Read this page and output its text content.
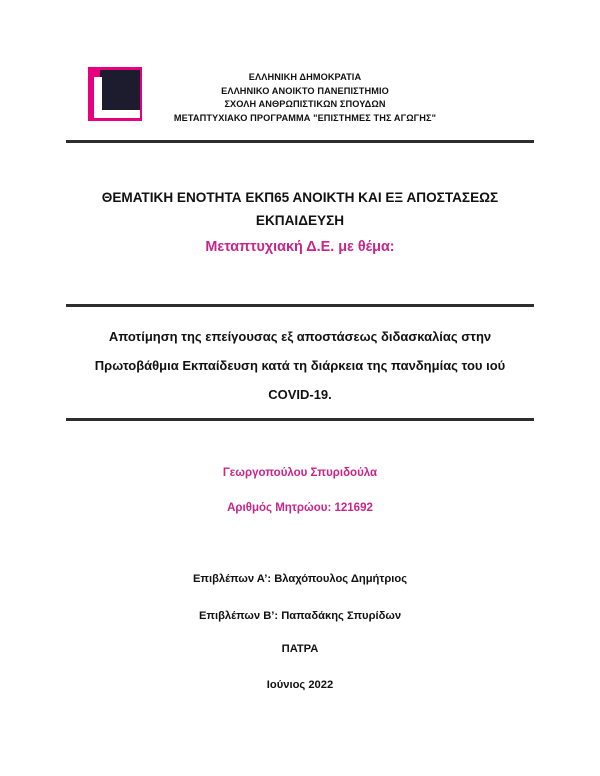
ΕΛΛΗΝΙΚΗ ΔΗΜΟΚΡΑΤΙΑ
ΕΛΛΗΝΙΚΟ ΑΝΟΙΚΤΟ ΠΑΝΕΠΙΣΤΗΜΙΟ
ΣΧΟΛΗ ΑΝΘΡΩΠΙΣΤΙΚΩΝ ΣΠΟΥΔΩΝ
ΜΕΤΑΠΤΥΧΙΑΚΟ ΠΡΟΓΡΑΜΜΑ "ΕΠΙΣΤΗΜΕΣ ΤΗΣ ΑΓΩΓΗΣ"
ΘΕΜΑΤΙΚΗ ΕΝΟΤΗΤΑ ΕΚΠ65 ΑΝΟΙΚΤΗ ΚΑΙ ΕΞ ΑΠΟΣΤΑΣΕΩΣ
ΕΚΠΑΙΔΕΥΣΗ
Μεταπτυχιακή Δ.Ε. με θέμα:
Αποτίμηση της επείγουσας εξ αποστάσεως διδασκαλίας στην
Πρωτοβάθμια Εκπαίδευση κατά τη διάρκεια της πανδημίας του ιού
COVID-19.
Γεωργοπούλου Σπυριδούλα
Αριθμός Μητρώου: 121692
Επιβλέπων Α’: Βλαχόπουλος Δημήτριος
Επιβλέπων Β’: Παπαδάκης Σπυρίδων
ΠΑΤΡΑ
Ιούνιος 2022
